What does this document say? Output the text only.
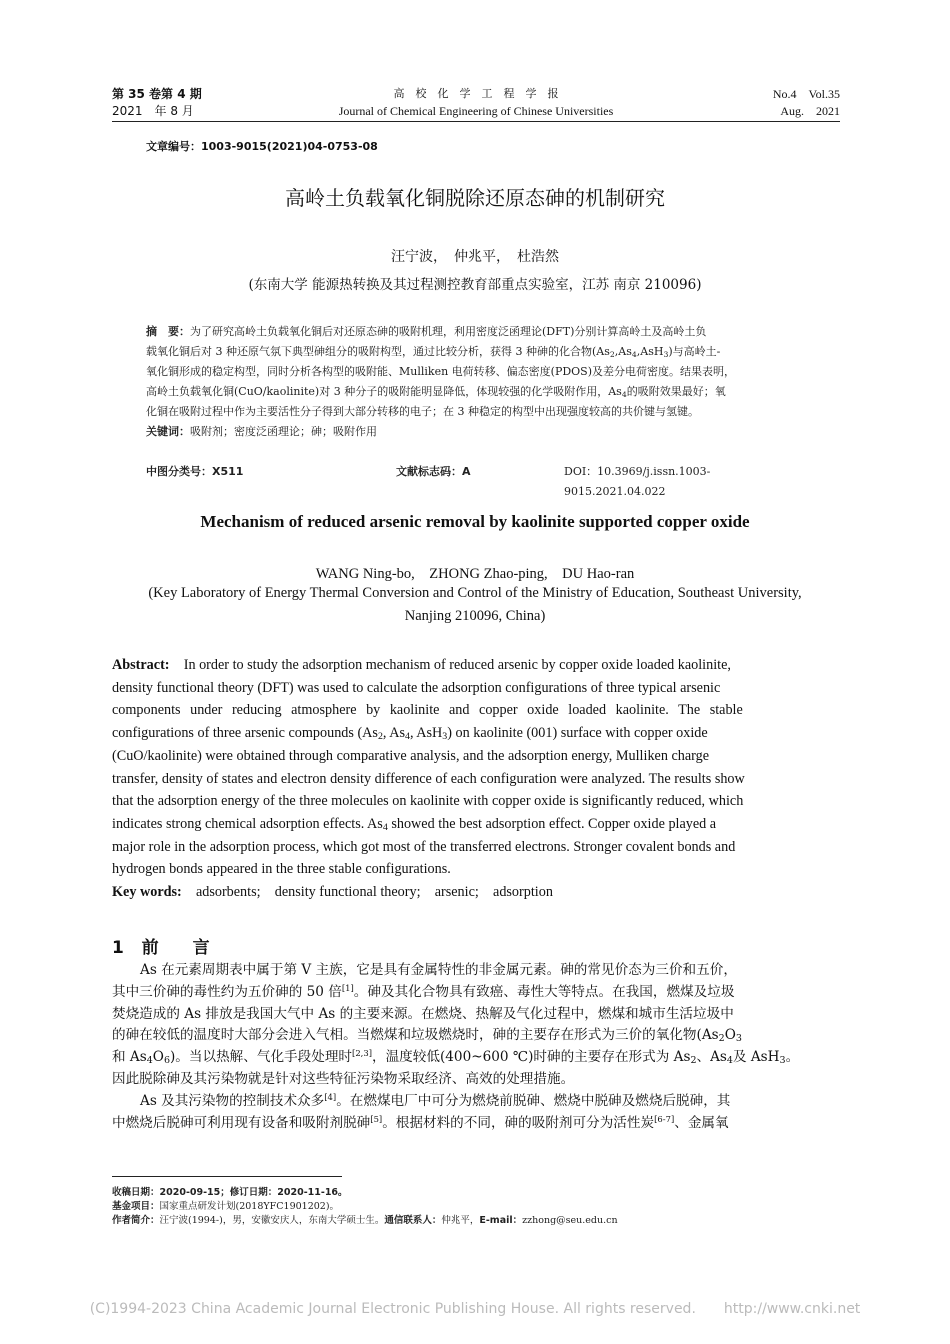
第 35 卷第 4 期
2021　年 8 月
高　校　化　学　工　程　学　报
Journal of Chemical Engineering of Chinese Universities
No.4　Vol.35
Aug.　2021
文章编号：1003-9015(2021)04-0753-08
高岭土负载氧化铜脱除还原态砷的机制研究
汪宁波，　仲兆平，　杜浩然
(东南大学 能源热转换及其过程测控教育部重点实验室，江苏 南京 210096)
摘　要：为了研究高岭土负载氧化铜后对还原态砷的吸附机理，利用密度泛函理论(DFT)分别计算高岭土及高岭土负
载氧化铜后对 3 种还原气氛下典型砷组分的吸附构型，通过比较分析，获得 3 种砷的化合物$(As_2,As_4,AsH_3)$与高岭土-
氧化铜形成的稳定构型，同时分析各构型的吸附能、Mulliken 电荷转移、偏态密度(PDOS)及差分电荷密度。结果表明，
高岭土负载氧化铜(CuO/kaolinite)对 3 种分子的吸附能明显降低，体现较强的化学吸附作用，$As_4$的吸附效果最好；氧
化铜在吸附过程中作为主要活性分子得到大部分转移的电子；在 3 种稳定的构型中出现强度较高的共价键与氢键。
关键词：吸附剂；密度泛函理论；砷；吸附作用
中图分类号：X511	文献标志码：A	DOI：10.3969/j.issn.1003-9015.2021.04.022
Mechanism of reduced arsenic removal by kaolinite supported copper oxide
WANG Ning-bo,　ZHONG Zhao-ping,　DU Hao-ran
(Key Laboratory of Energy Thermal Conversion and Control of the Ministry of Education, Southeast University,
Nanjing 210096, China)
Abstract: In order to study the adsorption mechanism of reduced arsenic by copper oxide loaded kaolinite,
density functional theory (DFT) was used to calculate the adsorption configurations of three typical arsenic
components under reducing atmosphere by kaolinite and copper oxide loaded kaolinite. The stable
configurations of three arsenic compounds ($As_2$, $As_4$, AsH$_3$) on kaolinite (001) surface with copper oxide
(CuO/kaolinite) were obtained through comparative analysis, and the adsorption energy, Mulliken charge
transfer, density of states and electron density difference of each configuration were analyzed. The results show
that the adsorption energy of the three molecules on kaolinite with copper oxide is significantly reduced, which
indicates strong chemical adsorption effects. $As_4$ showed the best adsorption effect. Copper oxide played a
major role in the adsorption process, which got most of the transferred electrons. Stronger covalent bonds and
hydrogen bonds appeared in the three stable configurations.
Key words: adsorbents;　density functional theory;　arsenic;　adsorption
1 前　　言
As 在元素周期表中属于第 V 主族，它是具有金属特性的非金属元素。砷的常见价态为三价和五价，
其中三价砷的毒性约为五价砷的 50 倍[1]。砷及其化合物具有致癌、毒性大等特点。在我国，燃煤及垃圾
焚烧造成的 As 排放是我国大气中 As 的主要来源。在燃烧、热解及气化过程中，燃煤和城市生活垃圾中
的砷在较低的温度时大部分会进入气相。当燃煤和垃圾燃烧时，砷的主要存在形式为三价的氧化物($As_2O_3$
和 $As_4O_6$)。当以热解、气化手段处理时[2,3]，温度较低(400~600 ℃)时砷的主要存在形式为 $As_2$、$As_4$及 AsH$_3$。
因此脱除砷及其污染物就是针对这些特征污染物采取经济、高效的处理措施。
As 及其污染物的控制技术众多[4]。在燃煤电厂中可分为燃烧前脱砷、燃烧中脱砷及燃烧后脱砷，其
中燃烧后脱砷可利用现有设备和吸附剂脱砷[5]。根据材料的不同，砷的吸附剂可分为活性炭[6-7]、金属氧
收稿日期：2020-09-15；修订日期：2020-11-16。
基金项目：国家重点研发计划(2018YFC1901202)。
作者简介：汪宁波(1994-)，男，安徽安庆人，东南大学硕士生。通信联系人：仲兆平，E-mail：zzhong@seu.edu.cn
(C)1994-2023 China Academic Journal Electronic Publishing House. All rights reserved.　　http://www.cnki.net
